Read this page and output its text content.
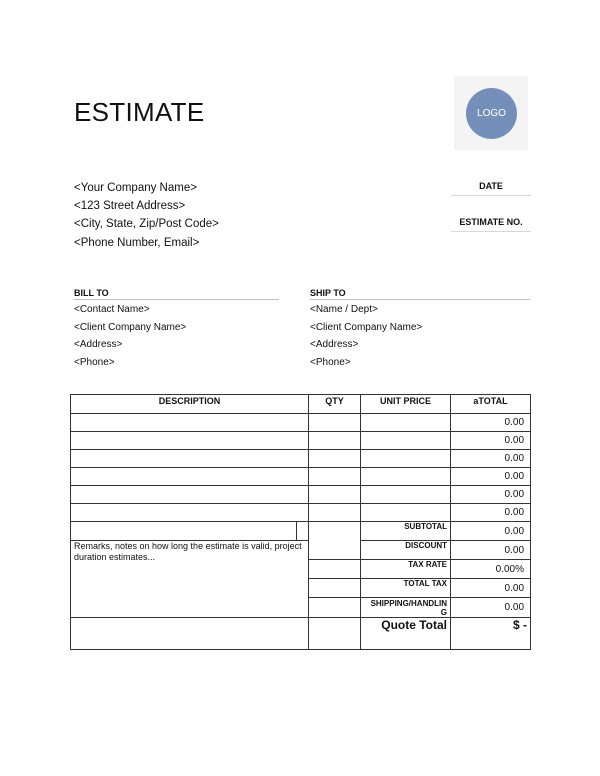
ESTIMATE	LOGO
<Your Company Name>
<123 Street Address>
<City, State, Zip/Post Code>
<Phone Number, Email>
DATE
ESTIMATE NO.
BILL TO
<Contact Name>
<Client Company Name>
<Address>
<Phone>
SHIP TO
<Name / Dept>
<Client Company Name>
<Address>
<Phone>
DESCRIPTION		QTY	UNIT PRICE	aTOTAL
				0.00
				0.00
				0.00
				0.00
				0.00
				0.00
			SUBTOTAL	0.00
Remarks, notes on how long the estimate is valid, project duration estimates...			DISCOUNT	0.00
			TAX RATE	0.00%
			TOTAL TAX	0.00
			SHIPPING/HANDLIN G	0.00
			Quote Total	$ -
